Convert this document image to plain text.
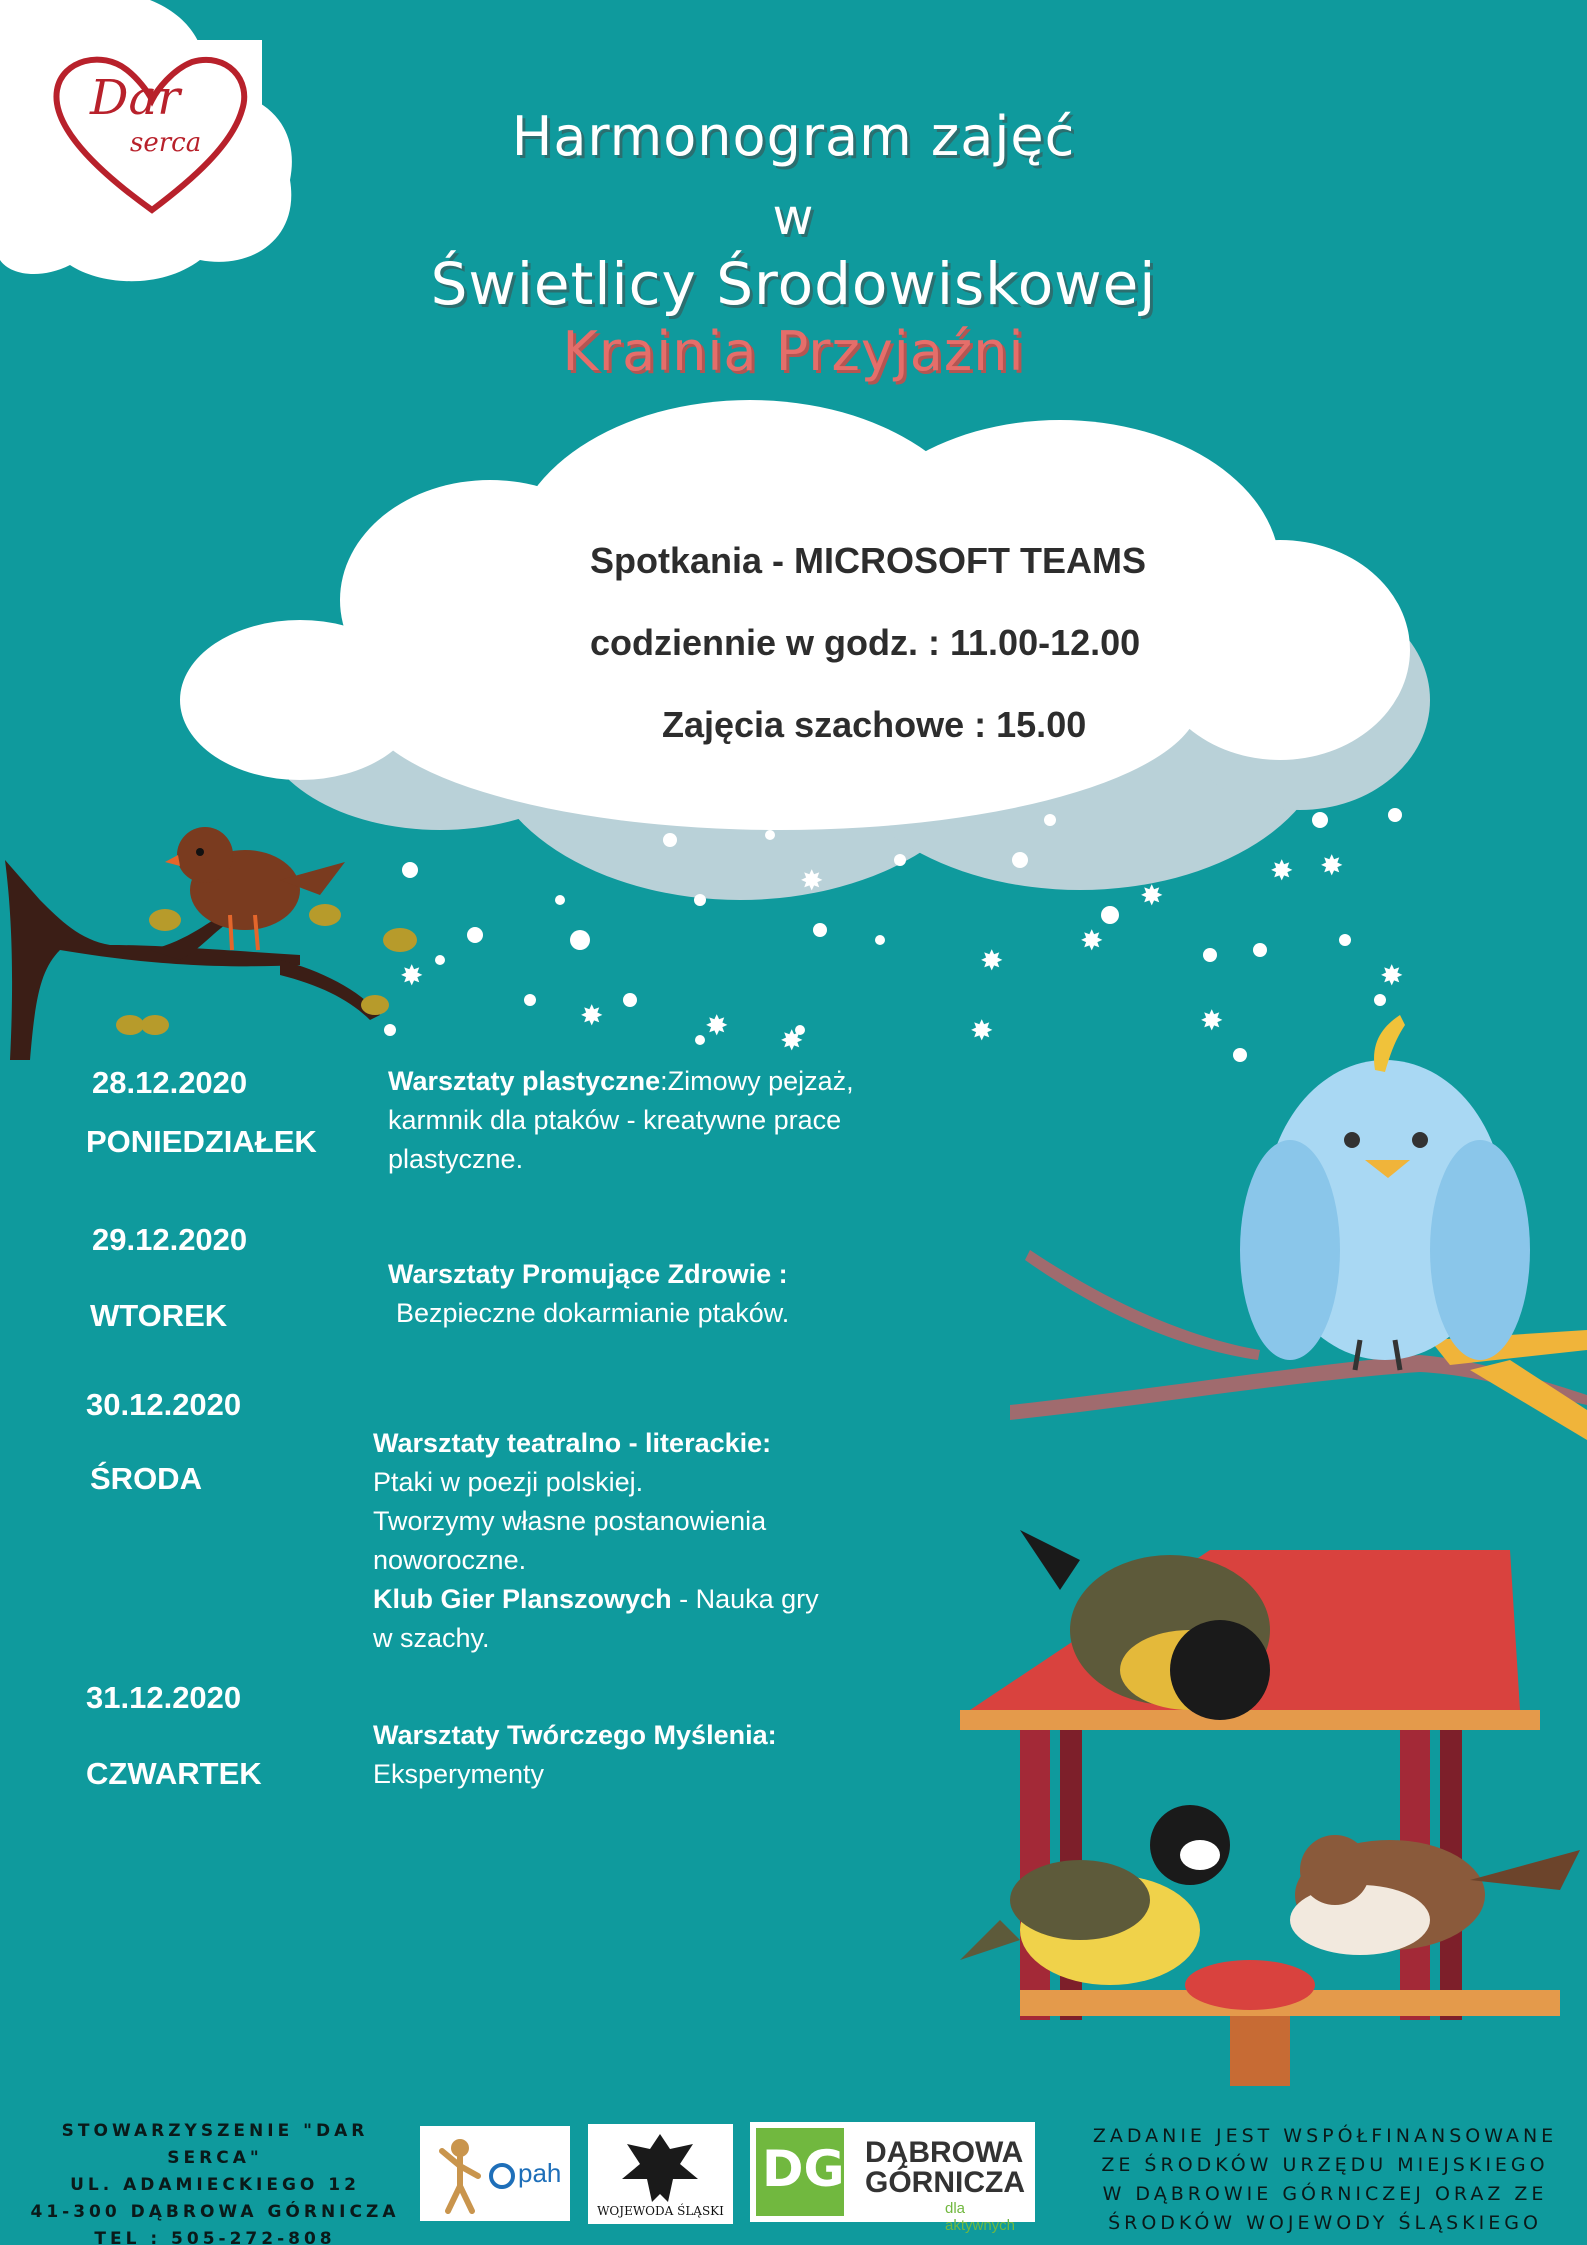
Dar
serca	Harmonogram zajęć
w
Świetlicy Środowiskowej
Krainia Przyjaźni
Spotkania - MICROSOFT TEAMS
codziennie w godz. : 11.00-12.00
Zajęcia szachowe : 15.00
✸
✸	✸ ✸
✸
✸
✸
✸ ✸
✸
✸
✸
✸
28.12.2020
PONIEDZIAŁEK
Warsztaty plastyczne:Zimowy pejzaż, karmnik dla ptaków - kreatywne prace plastyczne.
29.12.2020
WTOREK
Warsztaty Promujące Zdrowie :
Bezpieczne dokarmianie ptaków.
30.12.2020
ŚRODA
Warsztaty teatralno - literackie:
Ptaki w poezji polskiej.
Tworzymy własne postanowienia noworoczne.
Klub Gier Planszowych - Nauka gry w szachy.
31.12.2020
CZWARTEK
Warsztaty Twórczego Myślenia:
Eksperymenty
STOWARZYSZENIE "DAR SERCA"
UL. ADAMIECKIEGO 12
41-300 DĄBROWA GÓRNICZA
TEL : 505-272-808
pah
WOJEWODA ŚLĄSKI
DG DĄBROWA
GÓRNICZA
dla aktywnych
ZADANIE JEST WSPÓŁFINANSOWANE
ZE ŚRODKÓW URZĘDU MIEJSKIEGO
W DĄBROWIE GÓRNICZEJ ORAZ ZE
ŚRODKÓW WOJEWODY ŚLĄSKIEGO
